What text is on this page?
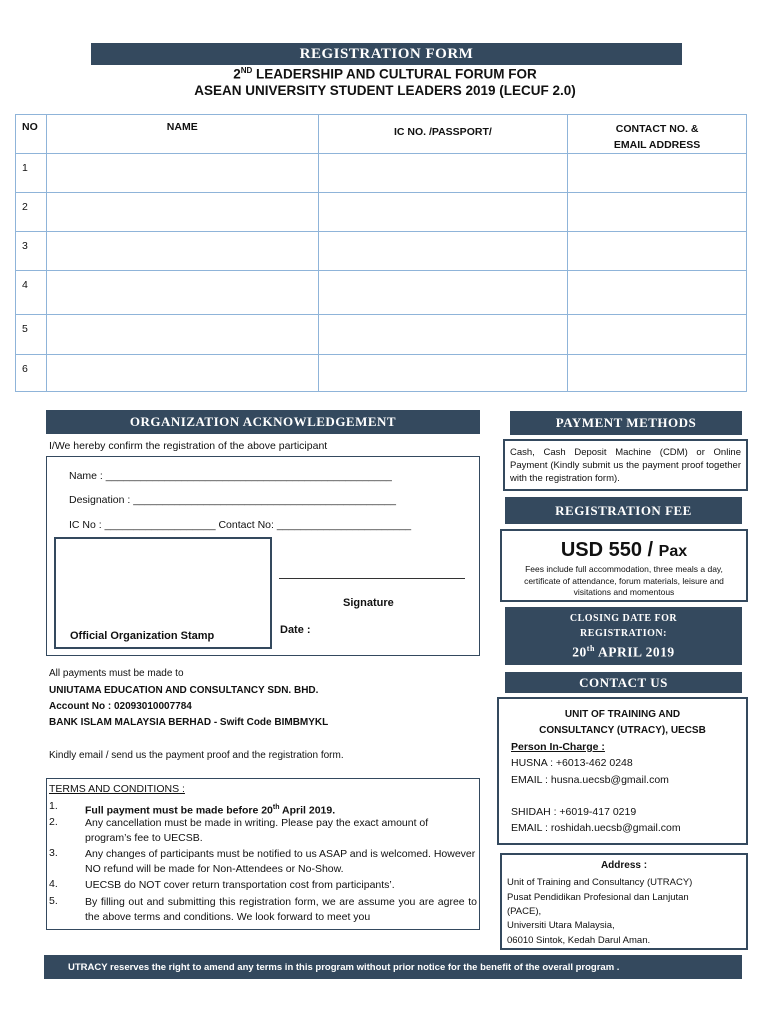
REGISTRATION FORM
2ND LEADERSHIP AND CULTURAL FORUM FOR
ASEAN UNIVERSITY STUDENT LEADERS 2019 (LECUF 2.0)
NO	NAME	IC NO. /PASSPORT/	CONTACT NO. &
EMAIL ADDRESS
1			
2			
3			
4			
5			
6			
ORGANIZATION ACKNOWLEDGEMENT
I/We hereby confirm the registration of the above participant
Name : _________________________________________________
Designation : _____________________________________________
IC No : ___________________ Contact No: _______________________
Signature
Date :
Official Organization Stamp
All payments must be made to
UNIUTAMA EDUCATION AND CONSULTANCY SDN. BHD.
Account No : 02093010007784
BANK ISLAM MALAYSIA BERHAD - Swift Code BIMBMYKL
Kindly email / send us the payment proof and the registration form.
TERMS AND CONDITIONS :
1.	Full payment must be made before 20th April 2019.
2.	Any cancellation must be made in writing. Please pay the exact amount of program’s fee to UECSB.
3.	Any changes of participants must be notified to us ASAP and is welcomed. However NO refund will be made for Non-Attendees or No-Show.
4.	UECSB do NOT cover return transportation cost from participants’.
5.	By filling out and submitting this registration form, we are assume you are agree to the above terms and conditions. We look forward to meet you
PAYMENT METHODS
Cash, Cash Deposit Machine (CDM) or Online Payment (Kindly submit us the payment proof together with the registration form).
REGISTRATION FEE
USD 550 / Pax
Fees include full accommodation, three meals a day, certificate of attendance, forum materials, leisure and visitations and momentous
CLOSING DATE FOR
REGISTRATION:
20th APRIL 2019
CONTACT US
UNIT OF TRAINING AND
CONSULTANCY (UTRACY), UECSB
Person In-Charge :
HUSNA : +6013-462 0248
EMAIL : husna.uecsb@gmail.com
SHIDAH : +6019-417 0219
EMAIL : roshidah.uecsb@gmail.com
Address :
Unit of Training and Consultancy (UTRACY)
Pusat Pendidikan Profesional dan Lanjutan
(PACE),
Universiti Utara Malaysia,
06010 Sintok, Kedah Darul Aman.
UTRACY reserves the right to amend any terms in this program without prior notice for the benefit of the overall program .
